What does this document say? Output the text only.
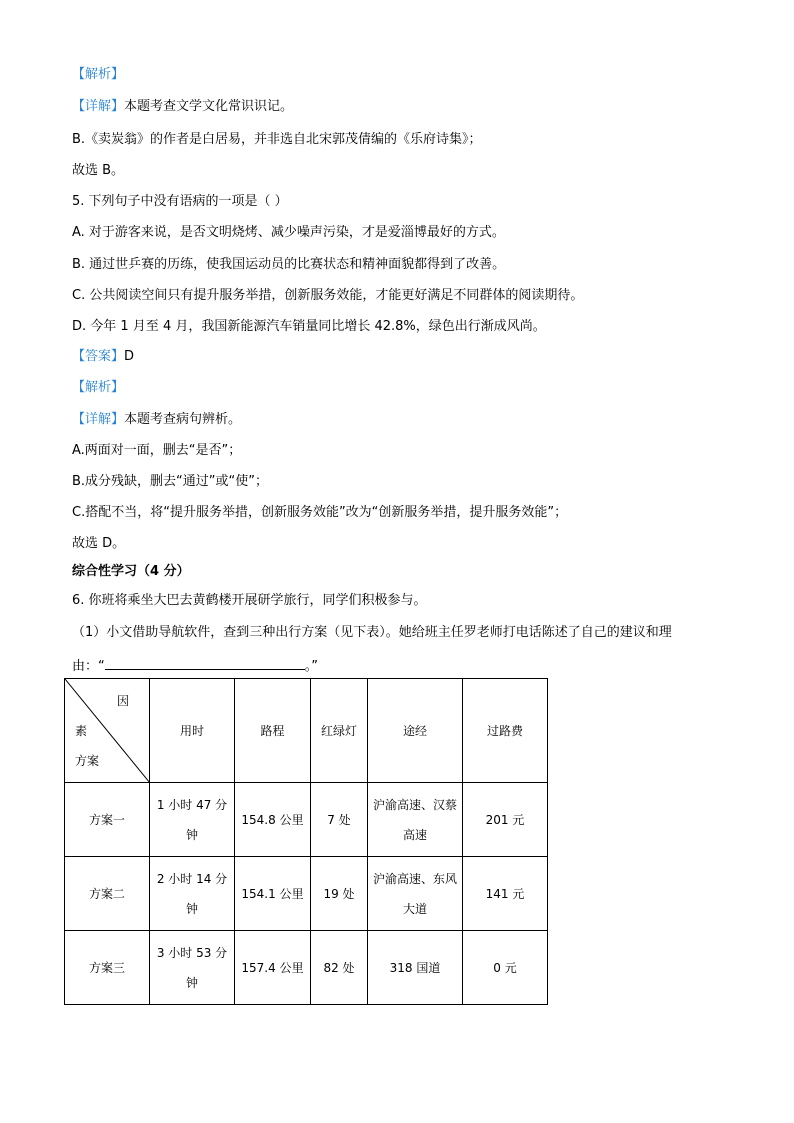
【解析】
【详解】本题考查文学文化常识识记。
B.《卖炭翁》的作者是白居易，并非选自北宋郭茂倩编的《乐府诗集》；
故选 B。
5. 下列句子中没有语病的一项是（ ）
A. 对于游客来说，是否文明烧烤、减少噪声污染，才是爱淄博最好的方式。
B. 通过世乒赛的历练，使我国运动员的比赛状态和精神面貌都得到了改善。
C. 公共阅读空间只有提升服务举措，创新服务效能，才能更好满足不同群体的阅读期待。
D. 今年 1 月至 4 月，我国新能源汽车销量同比增长 42.8%，绿色出行渐成风尚。
【答案】D
【解析】
【详解】本题考查病句辨析。
A.两面对一面，删去“是否”；
B.成分残缺，删去“通过”或“使”；
C.搭配不当，将“提升服务举措，创新服务效能”改为“创新服务举措，提升服务效能”；
故选 D。
综合性学习（4 分）
6. 你班将乘坐大巴去黄鹤楼开展研学旅行，同学们积极参与。
（1）小文借助导航软件，查到三种出行方案（见下表）。她给班主任罗老师打电话陈述了自己的建议和理
由：“	。”
因
素
方案	用时	路程	红绿灯	途经	过路费
方案一	1 小时 47 分钟	154.8 公里	7 处	沪渝高速、汉蔡高速	201 元
方案二	2 小时 14 分钟	154.1 公里	19 处	沪渝高速、东风大道	141 元
方案三	3 小时 53 分钟	157.4 公里	82 处	318 国道	0 元
